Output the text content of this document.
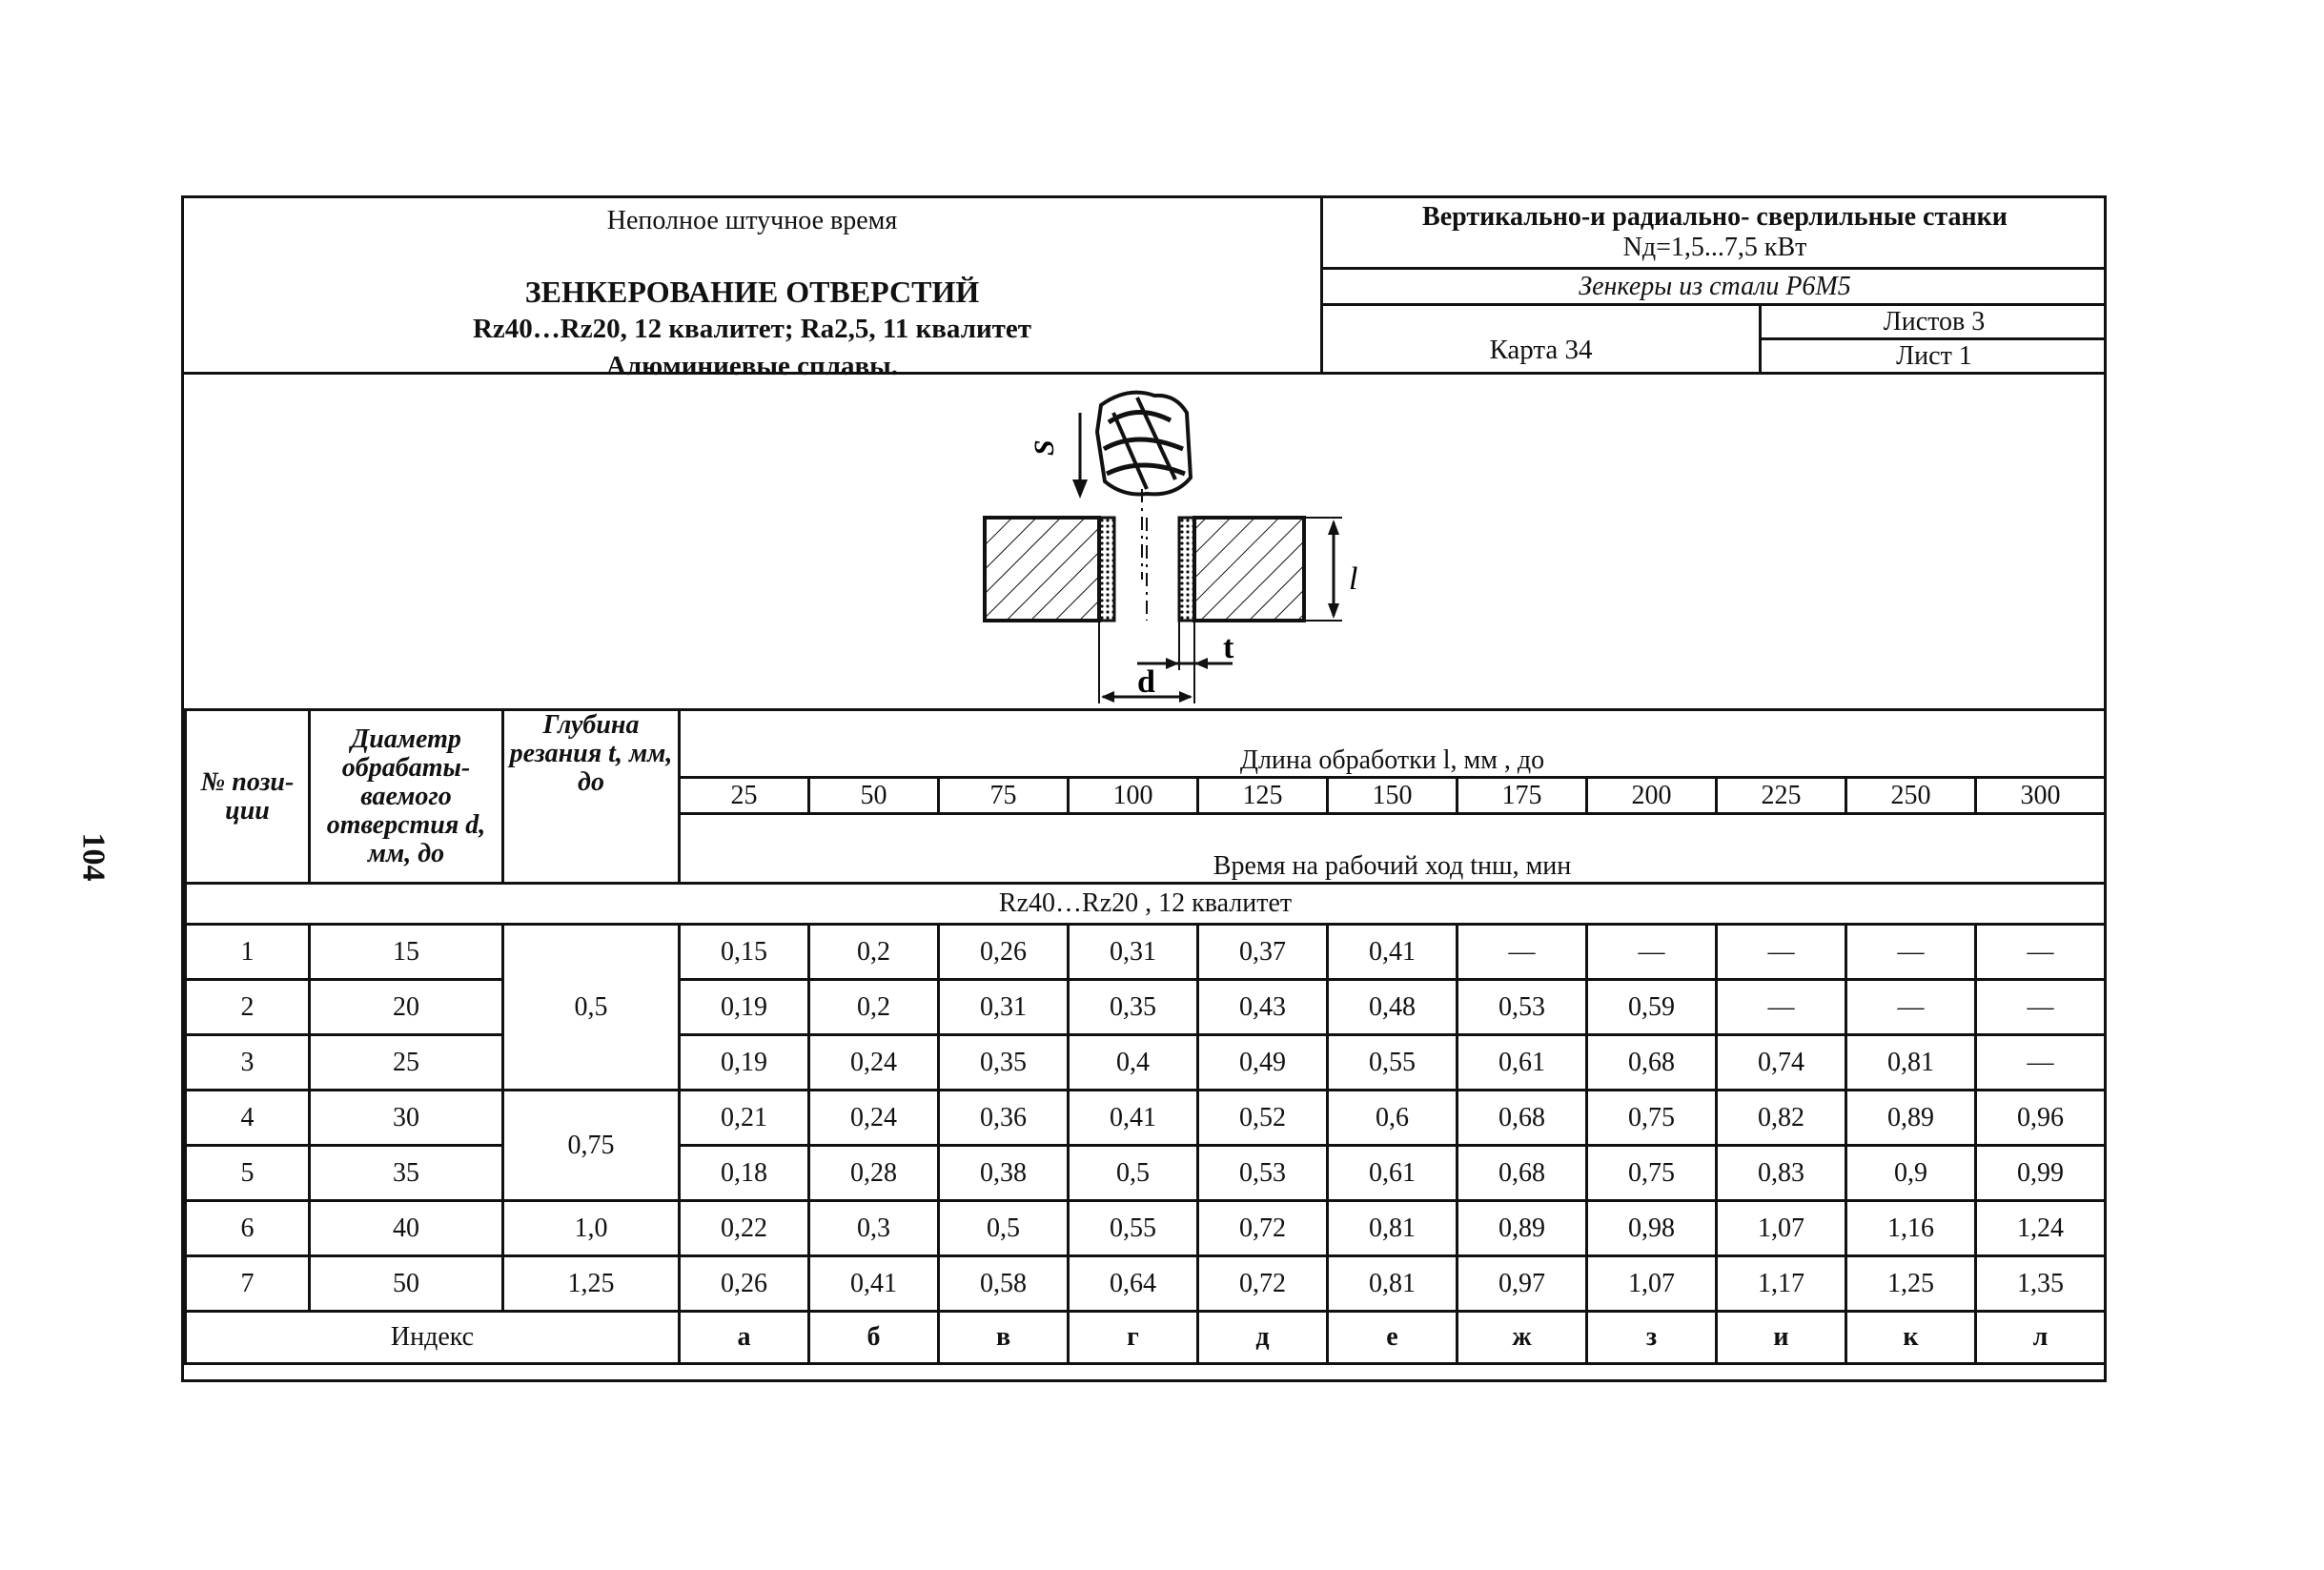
104
Неполное штучное время
ЗЕНКЕРОВАНИЕ ОТВЕРСТИЙ
Rz40…Rz20, 12 квалитет; Ra2,5, 11 квалитет
Алюминиевые сплавы.
Вертикально-и радиально- сверлильные станки
Nд=1,5...7,5 кВт
Зенкеры из стали Р6М5
Карта 34
Листов 3
Лист 1
S
l
t
d
№ пози-ции	Диаметр обрабаты-ваемого отверстия d, мм, до	Глубина резания t, мм, до	Длина обработки l, мм , до										
			25	50	75	100	125	150	175	200	225	250	300
			Время на рабочий ход tнш, мин										
Rz40…Rz20 , 12 квалитет													
1	15	0,5	0,15	0,2	0,26	0,31	0,37	0,41	—	—	—	—	—
2	20		0,19	0,2	0,31	0,35	0,43	0,48	0,53	0,59	—	—	—
3	25		0,19	0,24	0,35	0,4	0,49	0,55	0,61	0,68	0,74	0,81	—
4	30	0,75	0,21	0,24	0,36	0,41	0,52	0,6	0,68	0,75	0,82	0,89	0,96
5	35		0,18	0,28	0,38	0,5	0,53	0,61	0,68	0,75	0,83	0,9	0,99
6	40	1,0	0,22	0,3	0,5	0,55	0,72	0,81	0,89	0,98	1,07	1,16	1,24
7	50	1,25	0,26	0,41	0,58	0,64	0,72	0,81	0,97	1,07	1,17	1,25	1,35
Индекс			а	б	в	г	д	е	ж	з	и	к	л
